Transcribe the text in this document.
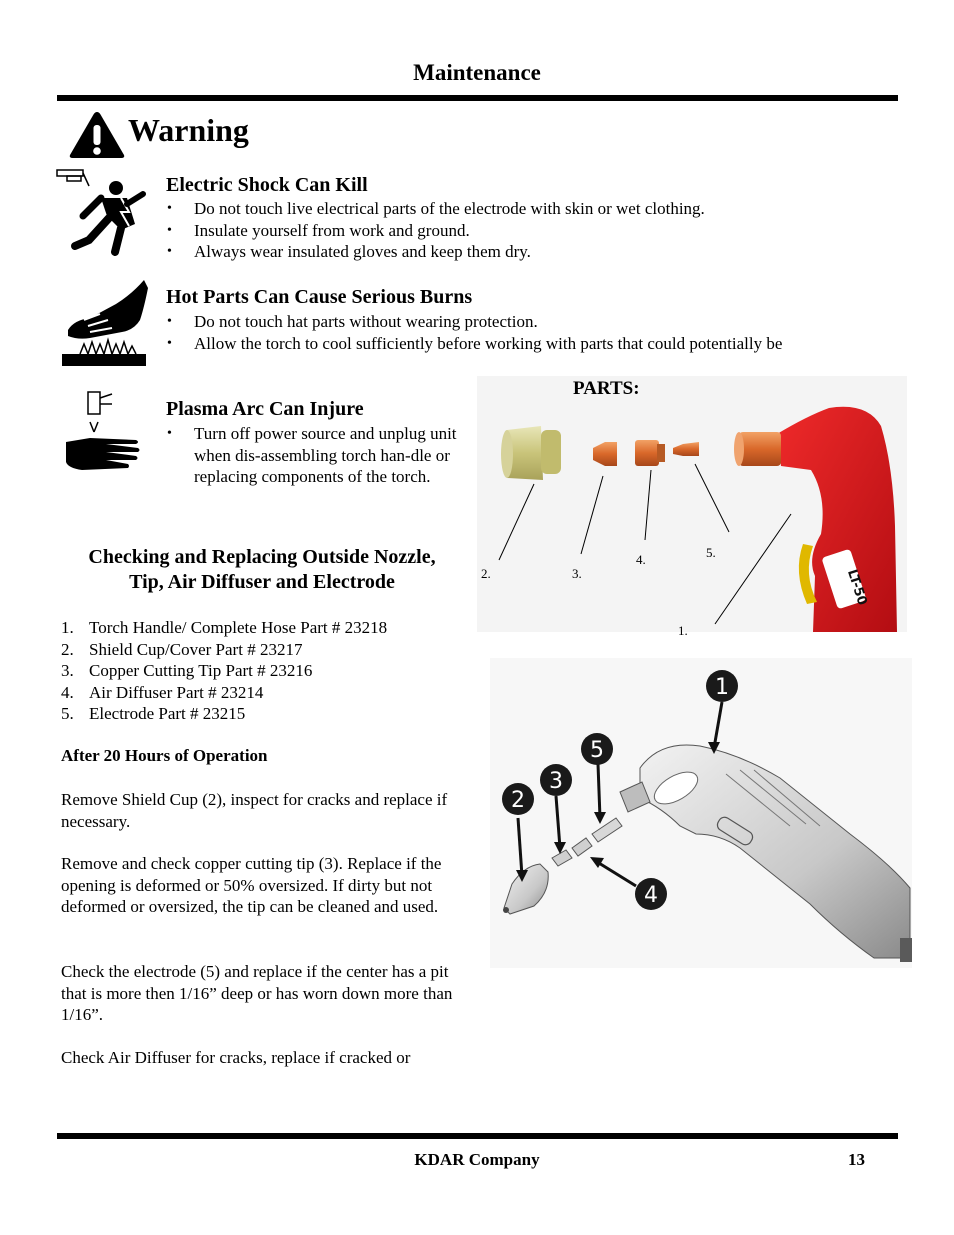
Maintenance
Warning
Electric Shock Can Kill
• Do not touch live electrical parts of the electrode with skin or wet clothing.
• Insulate yourself from work and ground.
• Always wear insulated gloves and keep them dry.
Hot Parts Can Cause Serious Burns
• Do not touch hat parts without wearing protection.
• Allow the torch to cool sufficiently before working with parts that could potentially be
Plasma Arc Can Injure
• Turn off power source and unplug unit when dis-assembling torch han-dle or replacing components of the torch.
LT-50
PARTS:
1.
2.	3.
4.	5.
Checking and Replacing Outside Nozzle,
Tip, Air Diffuser and Electrode
1. Torch Handle/ Complete Hose Part # 23218
2. Shield Cup/Cover Part # 23217
3. Copper Cutting Tip Part # 23216
4. Air Diffuser Part # 23214
5. Electrode Part # 23215
After 20 Hours of Operation
Remove Shield Cup (2), inspect for cracks and replace if necessary.
Remove and check copper cutting tip (3). Replace if the opening is deformed or 50% oversized. If dirty but not deformed or oversized, the tip can be cleaned and used.
Check the electrode (5) and replace if the center has a pit that is more then 1/16” deep or has worn down more than 1/16”.
Check Air Diffuser for cracks, replace if cracked or
1
2
3
4
5
KDAR Company	13
